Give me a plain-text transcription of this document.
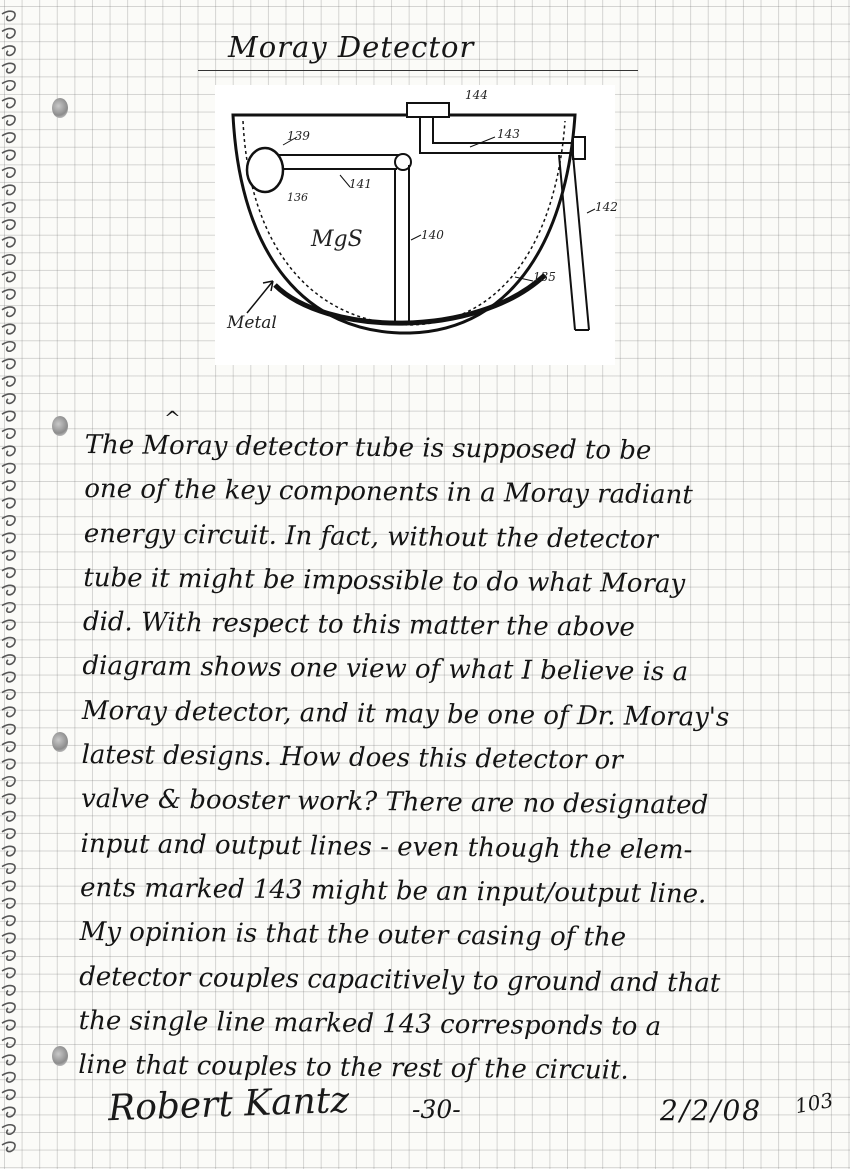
Moray Detector
144
139	143
136
141
140
142
135
MgS
Metal
^
The Moray detector tube is supposed to be
one of the key components in a Moray radiant
energy circuit. In fact, without the detector
tube it might be impossible to do what Moray
did. With respect to this matter the above
diagram shows one view of what I believe is a
Moray detector, and it may be one of Dr. Moray's
latest designs. How does this detector or
valve & booster work? There are no designated
input and output lines - even though the elem-
ents marked 143 might be an input/output line.
My opinion is that the outer casing of the
detector couples capacitively to ground and that
the single line marked 143 corresponds to a
line that couples to the rest of the circuit.
Robert Kantz -30-	2/2/08 103
